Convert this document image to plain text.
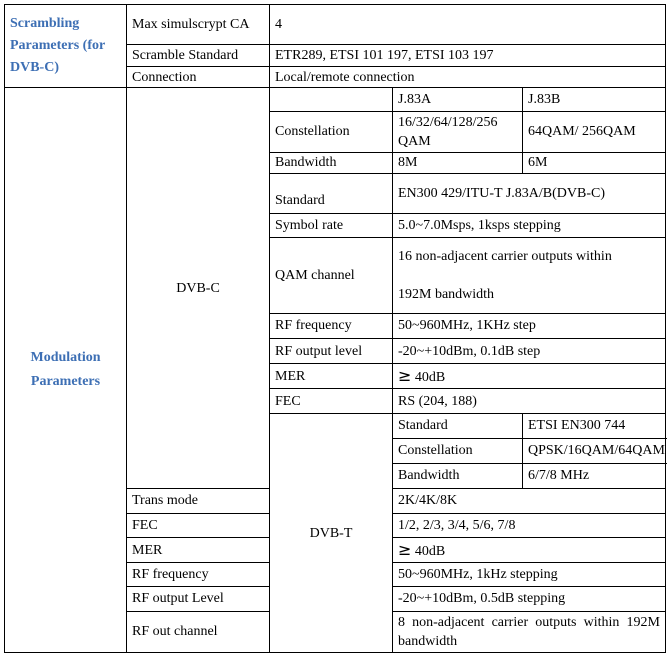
Scrambling Parameters (for DVB-C)	Max simulscrypt CA	4		
	Scramble Standard	ETR289, ETSI 101 197, ETSI 103 197		
	Connection	Local/remote connection		
Modulation Parameters	DVB-C		J.83A	J.83B
		Constellation	16/32/64/128/256 QAM	64QAM/ 256QAM
		Bandwidth	8M	6M
		Standard	EN300 429/ITU-T J.83A/B(DVB-C)	
		Symbol rate	5.0~7.0Msps, 1ksps stepping	
		QAM channel	16 non-adjacent carrier outputs within
192M bandwidth	
		RF frequency	50~960MHz, 1KHz step	
		RF output level	-20~+10dBm, 0.1dB step	
		MER	≥ 40dB	
		FEC	RS (204, 188)	
		DVB-T	Standard	ETSI EN300 744
			Constellation	QPSK/16QAM/64QAM
			Bandwidth	6/7/8 MHz
	Trans mode		2K/4K/8K	
	FEC		1/2, 2/3, 3/4, 5/6, 7/8	
	MER		≥ 40dB	
	RF frequency		50~960MHz, 1kHz stepping	
	RF output Level		-20~+10dBm, 0.5dB stepping	
	RF out channel		8 non-adjacent carrier outputs within 192M bandwidth	
